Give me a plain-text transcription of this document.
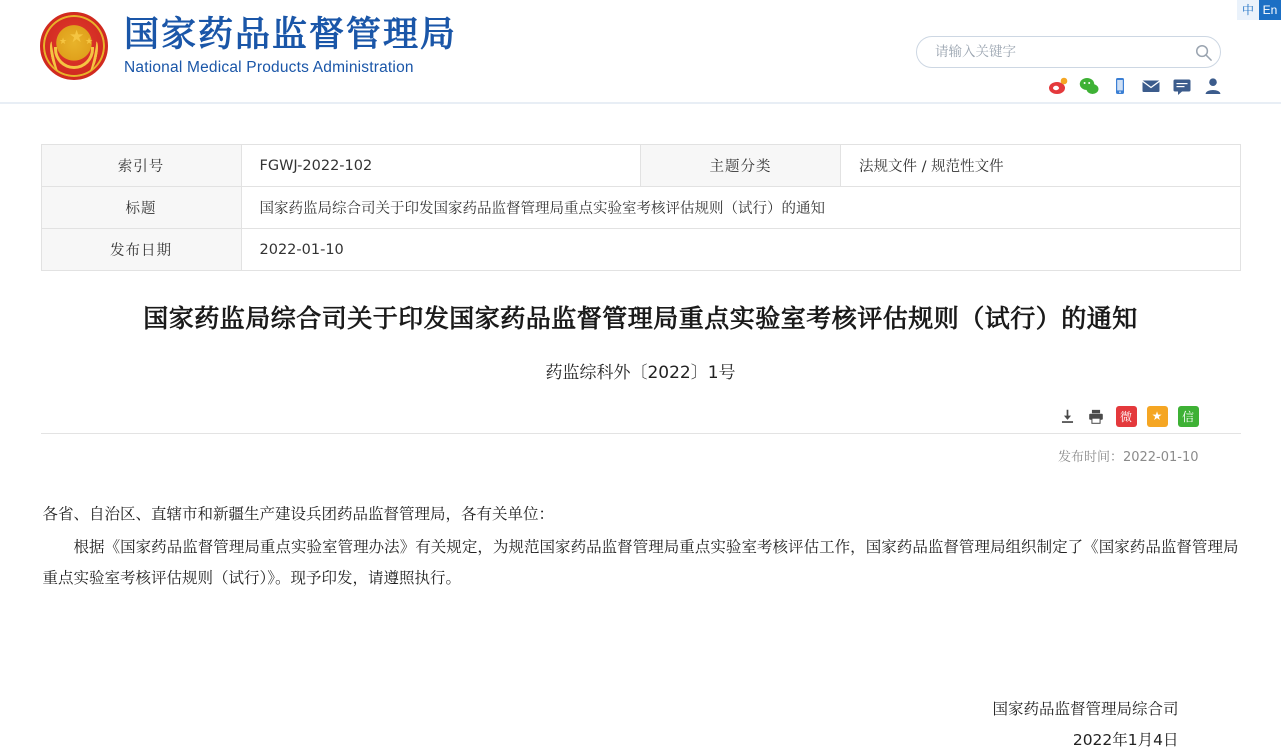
中 En
★
★ ★ 国家药品监督管理局
National Medical Products Administration
请输入关键字
索引号	FGWJ-2022-102	主题分类	法规文件 / 规范性文件
标题	国家药监局综合司关于印发国家药品监督管理局重点实验室考核评估规则（试行）的通知		
发布日期	2022-01-10		
国家药监局综合司关于印发国家药品监督管理局重点实验室考核评估规则（试行）的通知
药监综科外〔2022〕1号
微	★	信
发布时间：2022-01-10

各省、自治区、直辖市和新疆生产建设兵团药品监督管理局，各有关单位：

根据《国家药品监督管理局重点实验室管理办法》有关规定，为规范国家药品监督管理局重点实验室考核评估工作，国家药品监督管理局组织制定了《国家药品监督管理局重点实验室考核评估规则（试行）》。现予印发，请遵照执行。

国家药品监督管理局综合司
2022年1月4日
